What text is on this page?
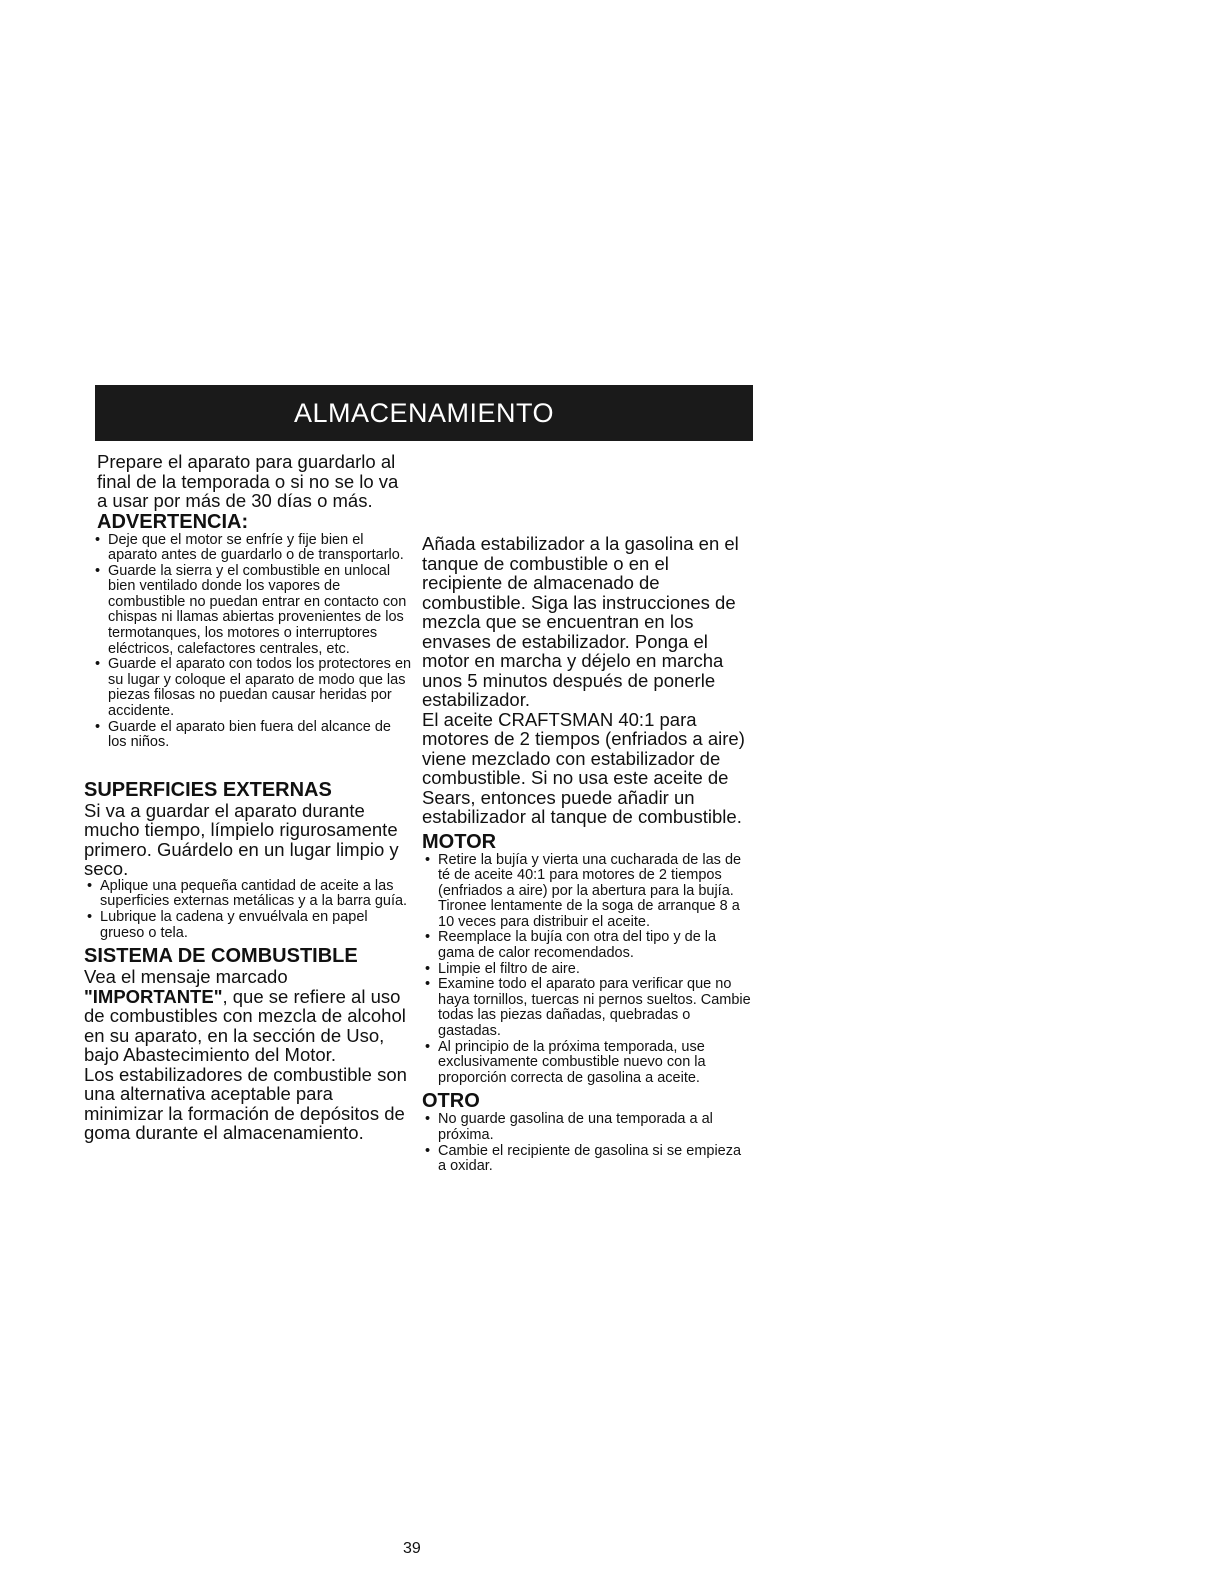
ALMACENAMIENTO

Prepare el aparato para guardarlo al final de la temporada o si no se lo va a usar por más de 30 días o más.

ADVERTENCIA:
• Deje que el motor se enfríe y fije bien el aparato antes de guardarlo o de transportarlo.
• Guarde la sierra y el combustible en unlocal bien ventilado donde los vapores de combustible no puedan entrar en contacto con chispas ni llamas abiertas provenientes de los termotanques, los motores o interruptores eléctricos, calefactores centrales, etc.
• Guarde el aparato con todos los protectores en su lugar y coloque el aparato de modo que las piezas filosas no puedan causar heridas por accidente.
• Guarde el aparato bien fuera del alcance de los niños.
SUPERFICIES EXTERNAS

Si va a guardar el aparato durante mucho tiempo, límpielo rigurosamente primero. Guárdelo en un lugar limpio y seco.

• Aplique una pequeña cantidad de aceite a las superficies externas metálicas y a la barra guía.
• Lubrique la cadena y envuélvala en papel grueso o tela.
SISTEMA DE COMBUSTIBLE

Vea el mensaje marcado "IMPORTANTE", que se refiere al uso de combustibles con mezcla de alcohol en su aparato, en la sección de Uso, bajo Abastecimiento del Motor.

Los estabilizadores de combustible son una alternativa aceptable para minimizar la formación de depósitos de goma durante el almacenamiento.

Añada estabilizador a la gasolina en el tanque de combustible o en el recipiente de almacenado de combustible. Siga las instrucciones de mezcla que se encuentran en los envases de estabilizador. Ponga el motor en marcha y déjelo en marcha unos 5 minutos después de ponerle estabilizador.

El aceite CRAFTSMAN 40:1 para motores de 2 tiempos (enfriados a aire) viene mezclado con estabilizador de combustible. Si no usa este aceite de Sears, entonces puede añadir un estabilizador al tanque de combustible.

MOTOR
• Retire la bujía y vierta una cucharada de las de té de aceite 40:1 para motores de 2 tiempos (enfriados a aire) por la abertura para la bujía. Tironee lentamente de la soga de arranque 8 a 10 veces para distribuir el aceite.
• Reemplace la bujía con otra del tipo y de la gama de calor recomendados.
• Limpie el filtro de aire.
• Examine todo el aparato para verificar que no haya tornillos, tuercas ni pernos sueltos. Cambie todas las piezas dañadas, quebradas o gastadas.
• Al principio de la próxima temporada, use exclusivamente combustible nuevo con la proporción correcta de gasolina a aceite.
OTRO
• No guarde gasolina de una temporada a al próxima.
• Cambie el recipiente de gasolina si se empieza a oxidar.
39
